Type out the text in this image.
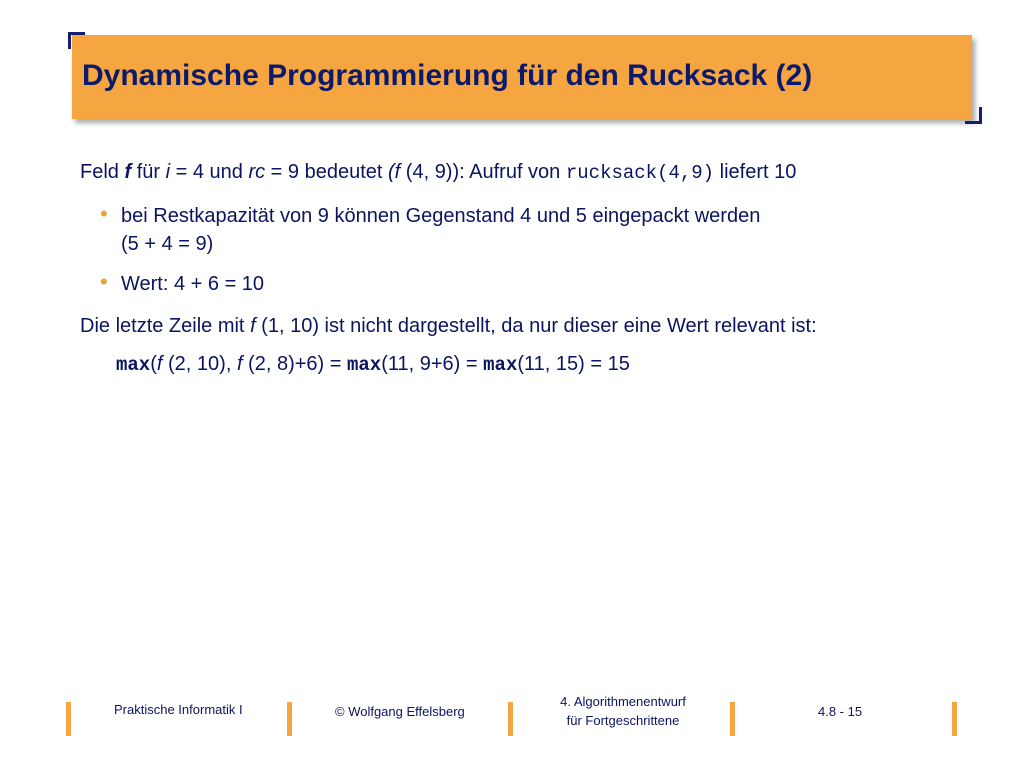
Dynamische Programmierung für den Rucksack (2)
Feld f für i = 4 und rc = 9 bedeutet (f (4, 9)): Aufruf von rucksack(4,9) liefert 10
• bei Restkapazität von 9 können Gegenstand 4 und 5 eingepackt werden
(5 + 4 = 9)
• Wert: 4 + 6 = 10
Die letzte Zeile mit f (1, 10) ist nicht dargestellt, da nur dieser eine Wert relevant ist:
max(f (2, 10), f (2, 8)+6) = max(11, 9+6) = max(11, 15) = 15
Praktische Informatik I	© Wolfgang Effelsberg
4. Algorithmenentwurf
für Fortgeschrittene
4.8 - 15
